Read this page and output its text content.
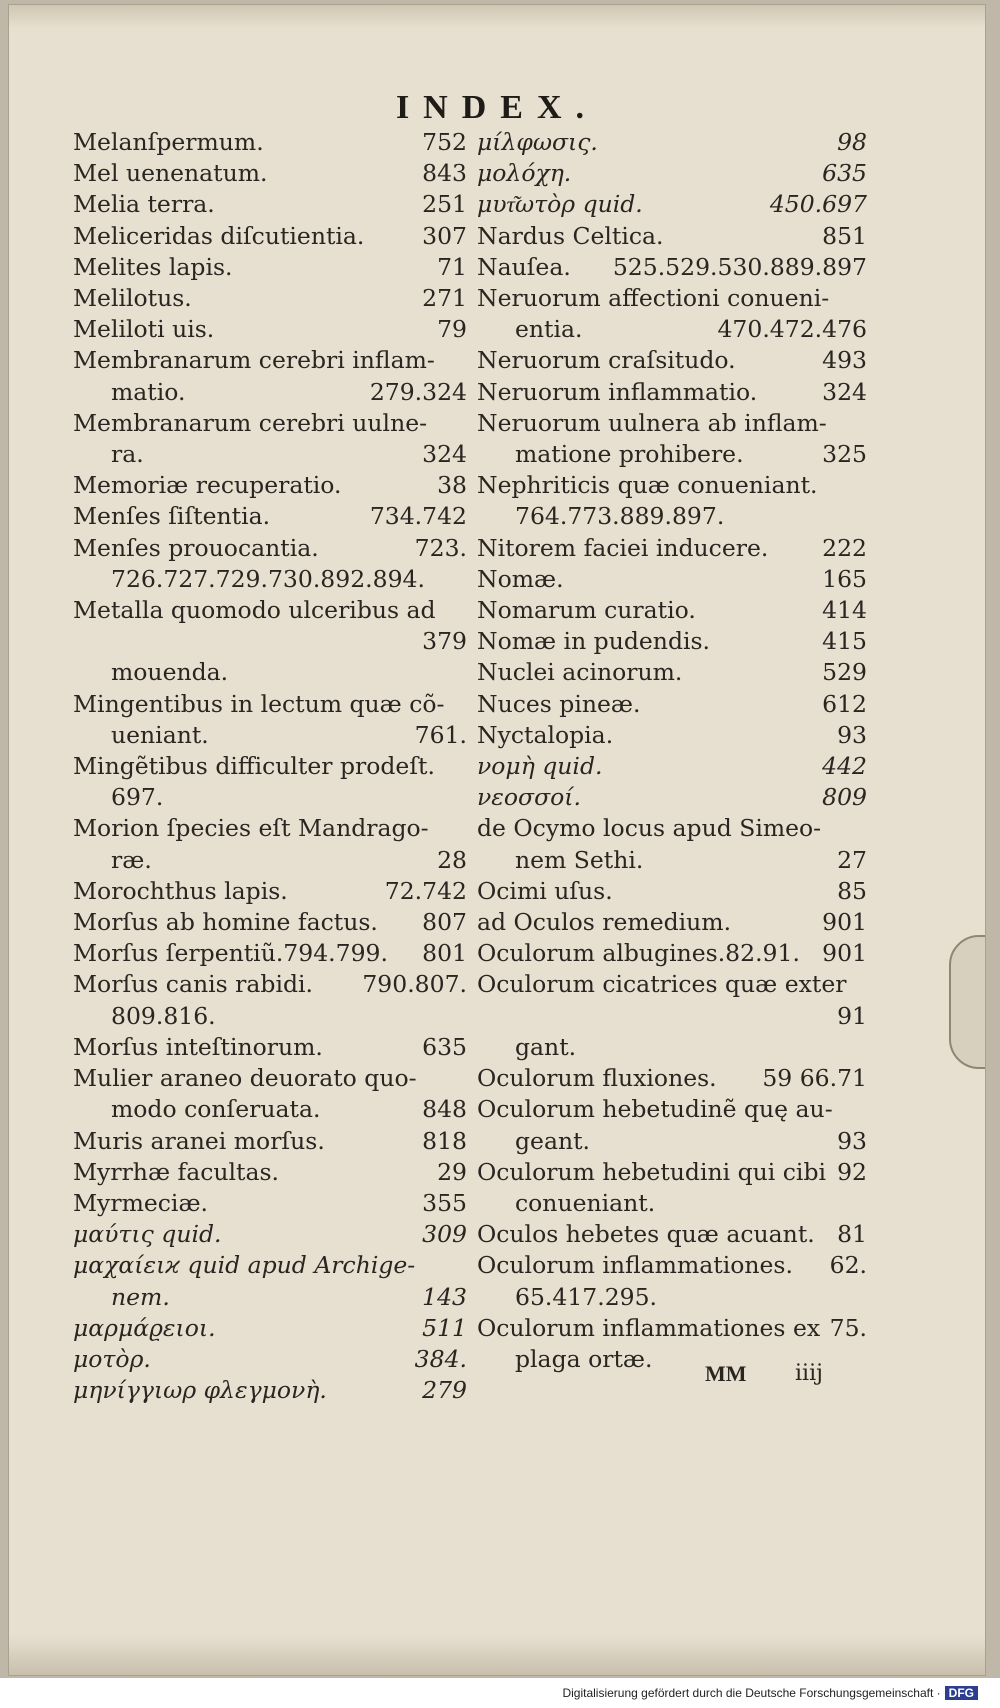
INDEX.
Melanſpermum.	752
Mel uenenatum.	843
Melia terra.	251
Meliceridas diſcutientia.	307
Melites lapis.	71
Melilotus.	271
Meliloti uis.	79
Membranarum cerebri inflam-
matio.	279.324
Membranarum cerebri uulne-
ra.	324
Memoriæ recuperatio.	38
Menſes ſiſtentia.	734.742
Menſes prouocantia.	723.
726.727.729.730.892.894.
Metalla quomodo ulceribus ad
379
mouenda.
Mingentibus in lectum quæ cõ-
ueniant.	761.
Mingẽtibus difficulter prodeſt.
697.
Morion ſpecies eſt Mandrago-
ræ.	28
Morochthus lapis.	72.742
Morſus ab homine factus.	807
Morſus ſerpentiũ.794.799.	801
Morſus canis rabidi.	790.807.
809.816.
Morſus inteſtinorum.	635
Mulier araneo deuorato quo-
modo conſeruata.	848
Muris aranei morſus.	818
Myrrhæ facultas.	29
Myrmeciæ.	355
μαύτις quid.	309
μαχαίειϰ quid apud Archige-
nem.	143
μαρμάϱειοι.	511
μοτὸρ.	384.
μηνίγγιωρ φλεγμονὴ.	279
μίλφωσις.	98
μολόχη.	635
μυτ͂ωτὸρ quid.	450.697
Nardus Celtica.	851
Nauſea.	525.529.530.889.897
Neruorum affectioni conueni-
entia.	470.472.476
Neruorum craſsitudo.	493
Neruorum inflammatio.	324
Neruorum uulnera ab inflam-
matione prohibere.	325
Nephriticis quæ conueniant.
764.773.889.897.
Nitorem faciei inducere.	222
Nomæ.	165
Nomarum curatio.	414
Nomæ in pudendis.	415
Nuclei acinorum.	529
Nuces pineæ.	612
Nyctalopia.	93
νομὴ quid.	442
νεοσσοί.	809
de Ocymo locus apud Simeo-
nem Sethi.	27
Ocimi uſus.	85
ad Oculos remedium.	901
Oculorum albugines.82.91. 901
Oculorum cicatrices quæ exter
91
gant.
Oculorum fluxiones.	59 66.71
Oculorum hebetudinẽ quę au-
geant.	93
Oculorum hebetudini qui cibi 92
conueniant.
Oculos hebetes quæ acuant. 81
Oculorum inflammationes.	62.
65.417.295.
Oculorum inflammationes ex 75.
plaga ortæ.
MM iiij
Digitalisierung gefördert durch die Deutsche Forschungsgemeinschaft · DFG
